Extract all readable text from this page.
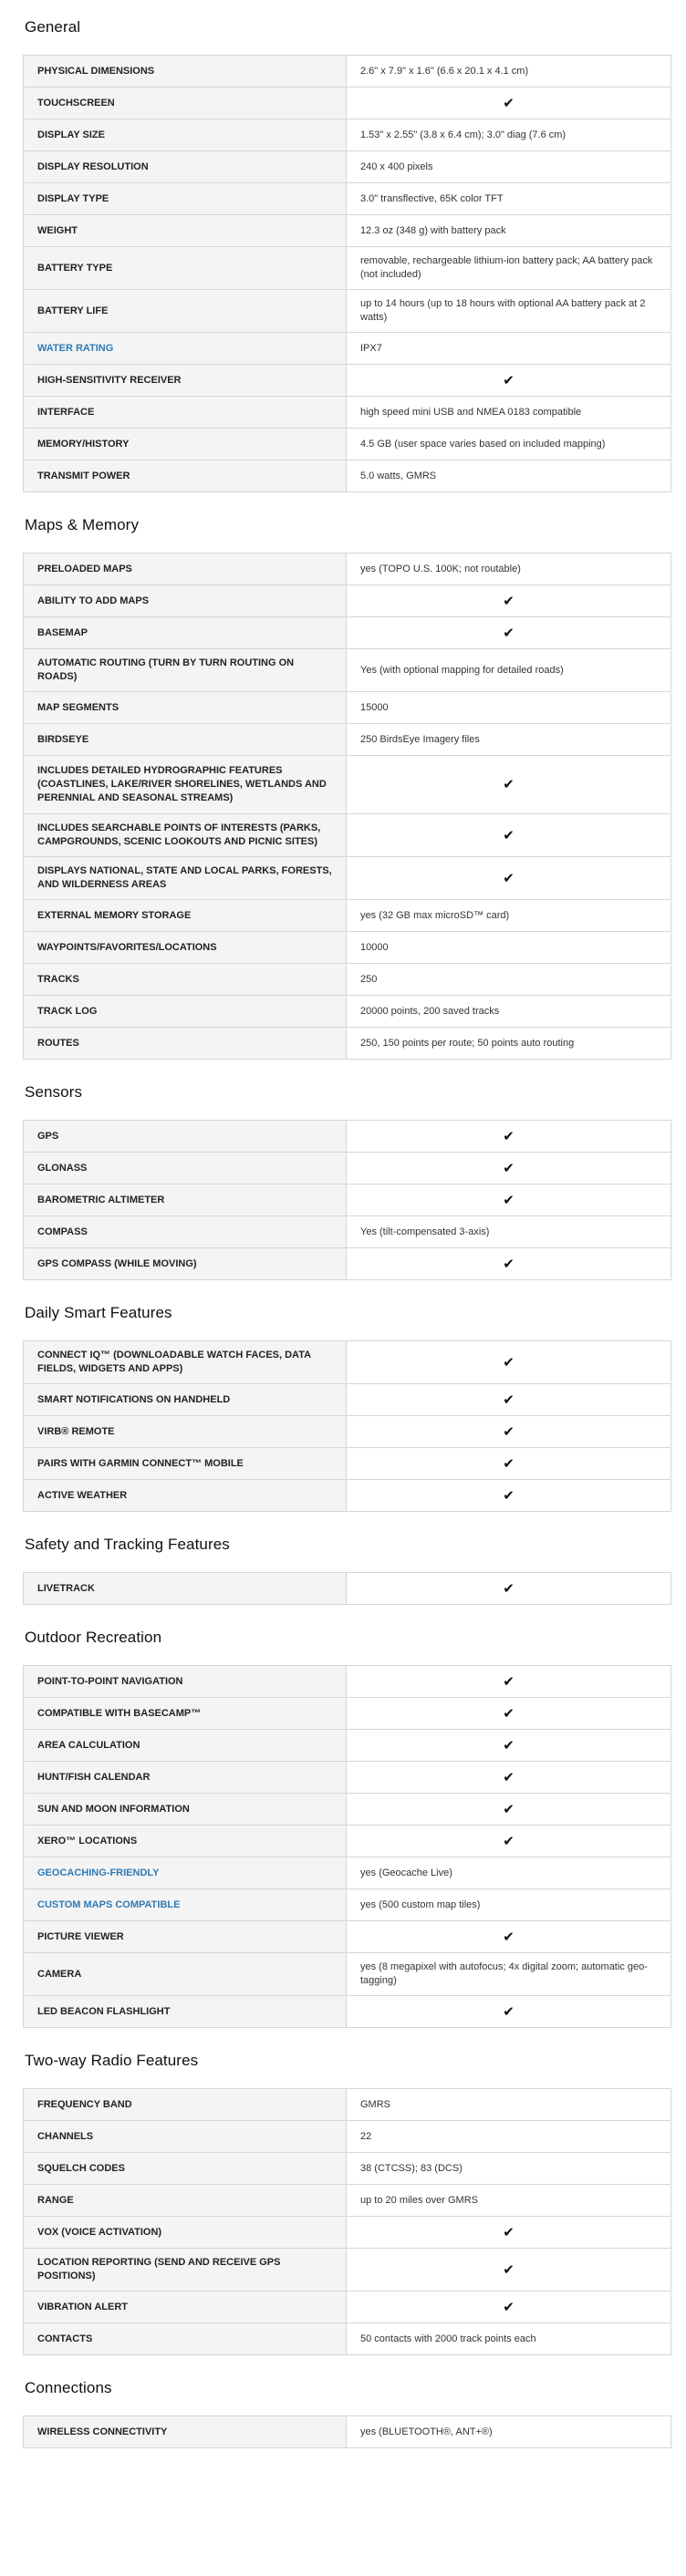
General
PHYSICAL DIMENSIONS	2.6" x 7.9" x 1.6" (6.6 x 20.1 x 4.1 cm)
TOUCHSCREEN	✔
DISPLAY SIZE	1.53" x 2.55" (3.8 x 6.4 cm); 3.0" diag (7.6 cm)
DISPLAY RESOLUTION	240 x 400 pixels
DISPLAY TYPE	3.0" transflective, 65K color TFT
WEIGHT	12.3 oz (348 g) with battery pack
BATTERY TYPE	removable, rechargeable lithium-ion battery pack; AA battery pack (not included)
BATTERY LIFE	up to 14 hours (up to 18 hours with optional AA battery pack at 2 watts)
WATER RATING	IPX7
HIGH-SENSITIVITY RECEIVER	✔
INTERFACE	high speed mini USB and NMEA 0183 compatible
MEMORY/HISTORY	4.5 GB (user space varies based on included mapping)
TRANSMIT POWER	5.0 watts, GMRS
Maps & Memory
PRELOADED MAPS	yes (TOPO U.S. 100K; not routable)
ABILITY TO ADD MAPS	✔
BASEMAP	✔
AUTOMATIC ROUTING (TURN BY TURN ROUTING ON ROADS)	Yes (with optional mapping for detailed roads)
MAP SEGMENTS	15000
BIRDSEYE	250 BirdsEye Imagery files
INCLUDES DETAILED HYDROGRAPHIC FEATURES (COASTLINES, LAKE/RIVER SHORELINES, WETLANDS AND PERENNIAL AND SEASONAL STREAMS)	✔
INCLUDES SEARCHABLE POINTS OF INTERESTS (PARKS, CAMPGROUNDS, SCENIC LOOKOUTS AND PICNIC SITES)	✔
DISPLAYS NATIONAL, STATE AND LOCAL PARKS, FORESTS, AND WILDERNESS AREAS	✔
EXTERNAL MEMORY STORAGE	yes (32 GB max microSD™ card)
WAYPOINTS/FAVORITES/LOCATIONS	10000
TRACKS	250
TRACK LOG	20000 points, 200 saved tracks
ROUTES	250, 150 points per route; 50 points auto routing
Sensors
GPS	✔
GLONASS	✔
BAROMETRIC ALTIMETER	✔
COMPASS	Yes (tilt-compensated 3-axis)
GPS COMPASS (WHILE MOVING)	✔
Daily Smart Features
CONNECT IQ™ (DOWNLOADABLE WATCH FACES, DATA FIELDS, WIDGETS AND APPS)	✔
SMART NOTIFICATIONS ON HANDHELD	✔
VIRB® REMOTE	✔
PAIRS WITH GARMIN CONNECT™ MOBILE	✔
ACTIVE WEATHER	✔
Safety and Tracking Features
LIVETRACK	✔
Outdoor Recreation
POINT-TO-POINT NAVIGATION	✔
COMPATIBLE WITH BASECAMP™	✔
AREA CALCULATION	✔
HUNT/FISH CALENDAR	✔
SUN AND MOON INFORMATION	✔
XERO™ LOCATIONS	✔
GEOCACHING-FRIENDLY	yes (Geocache Live)
CUSTOM MAPS COMPATIBLE	yes (500 custom map tiles)
PICTURE VIEWER	✔
CAMERA	yes (8 megapixel with autofocus; 4x digital zoom; automatic geo-tagging)
LED BEACON FLASHLIGHT	✔
Two-way Radio Features
FREQUENCY BAND	GMRS
CHANNELS	22
SQUELCH CODES	38 (CTCSS); 83 (DCS)
RANGE	up to 20 miles over GMRS
VOX (VOICE ACTIVATION)	✔
LOCATION REPORTING (SEND AND RECEIVE GPS POSITIONS)	✔
VIBRATION ALERT	✔
CONTACTS	50 contacts with 2000 track points each
Connections
WIRELESS CONNECTIVITY	yes (BLUETOOTH®, ANT+®)
